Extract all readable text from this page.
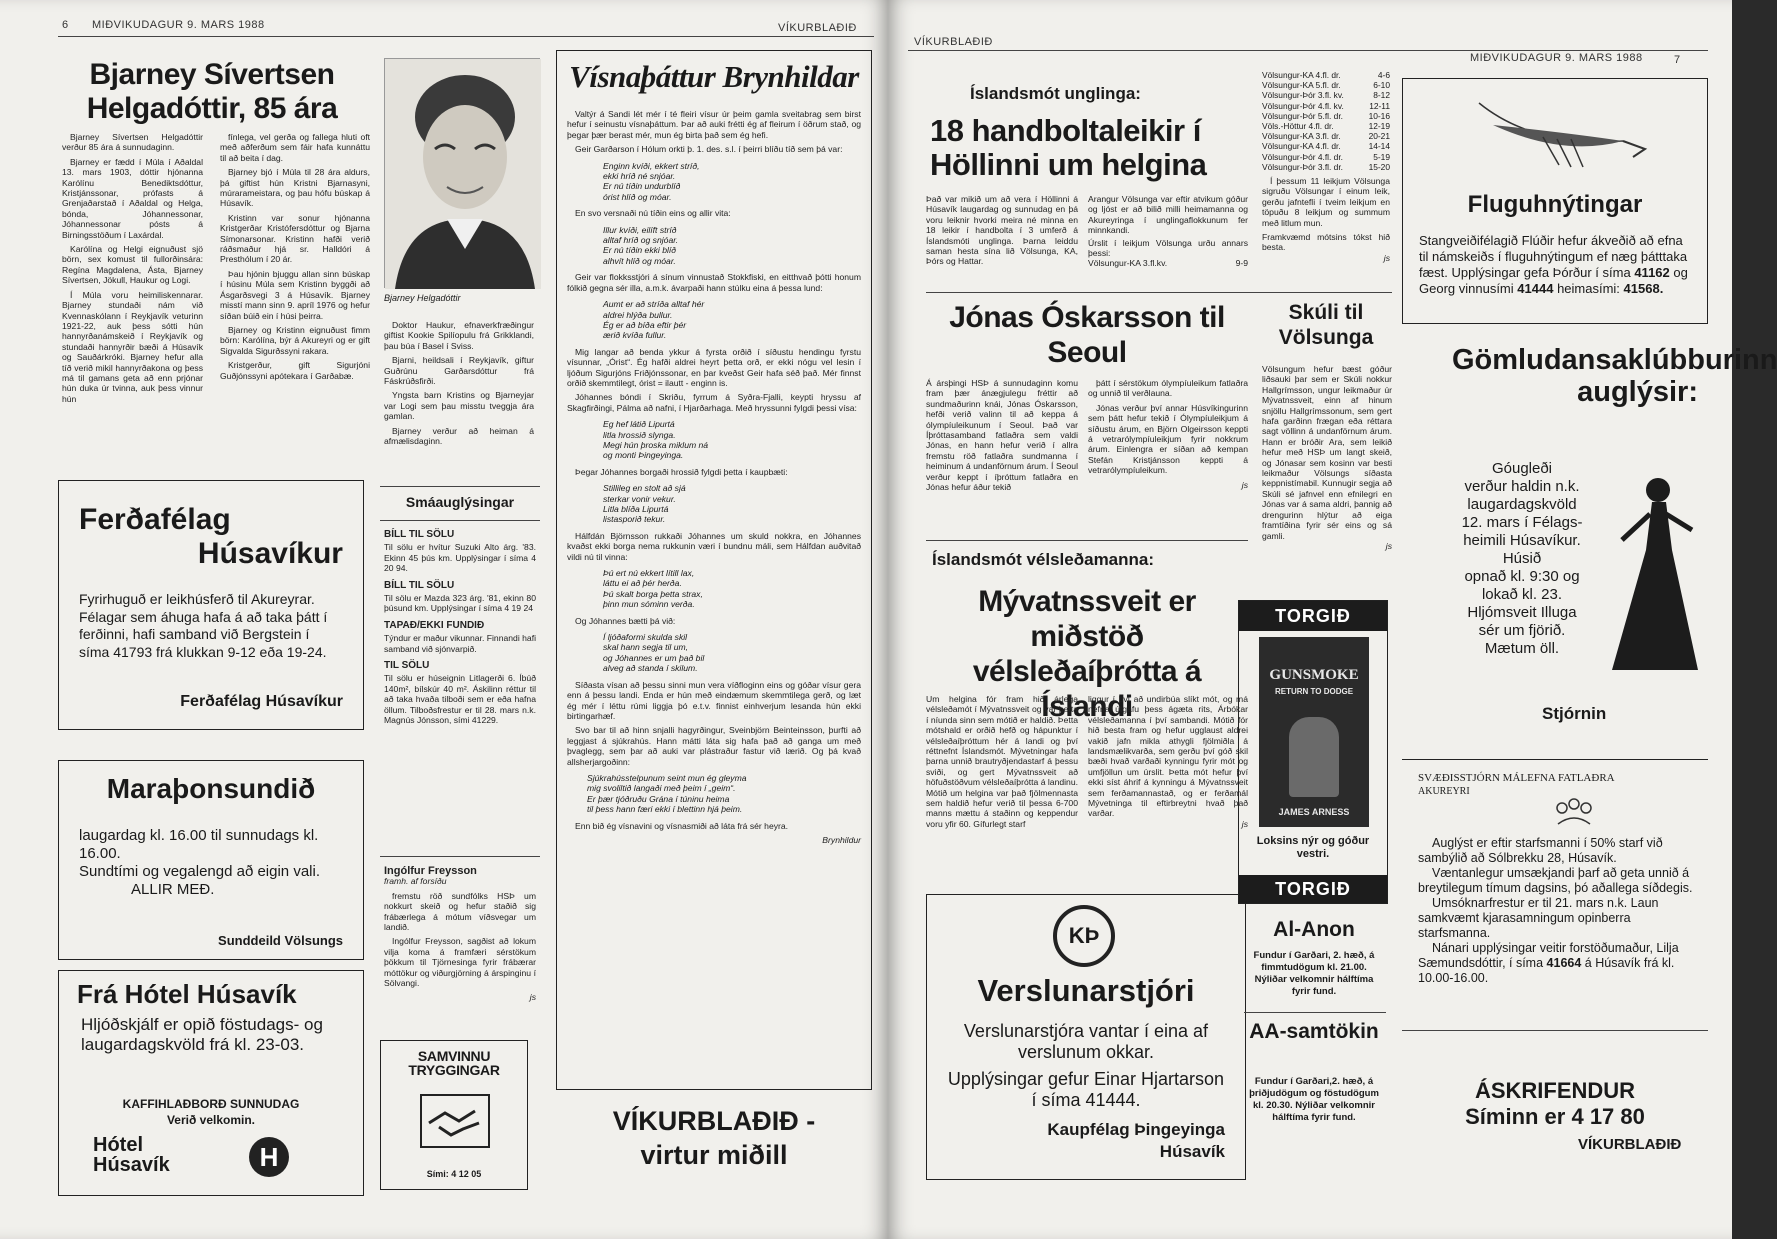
6 MIÐVIKUDAGUR 9. MARS 1988	VÍKURBLAÐIÐ
Bjarney Sívertsen Helgadóttir, 85 ára

Bjarney Sívertsen Helgadóttir verður 85 ára á sunnudaginn.

Bjarney er fædd í Múla í Aðaldal 13. mars 1903, dóttir hjónanna Karólínu Benediktsdóttur, Kristjánssonar, prófasts á Grenjaðarstað í Aðaldal og Helga, bónda, Jóhannessonar, Jóhannessonar pósts á Birningsstöðum í Laxárdal.

Karólína og Helgi eignuðust sjö börn, sex komust til fullorðinsára: Regína Magdalena, Ásta, Bjarney Sívertsen, Jökull, Haukur og Logi.

Í Múla voru heimiliskennarar. Bjarney stundaði nám við Kvennaskólann í Reykjavík veturinn 1921-22, auk þess sótti hún hannyrðanámskeið í Reykjavík og stundaði hannyrðir bæði á Húsavík og Sauðárkróki. Bjarney hefur alla tíð verið mikil hannyrðakona og þess má til gamans geta að enn prjónar hún duka úr tvinna, auk þess vinnur hún

fínlega, vel gerða og fallega hluti oft með aðferðum sem fáir hafa kunnáttu til að beita í dag.

Bjarney bjó í Múla til 28 ára aldurs, þá giftist hún Kristni Bjarnasyni, múrarameistara, og þau hófu búskap á Húsavík.

Kristinn var sonur hjónanna Kristgerðar Kristófersdóttur og Bjarna Símonarsonar. Kristinn hafði verið ráðsmaður hjá sr. Halldóri á Presthólum í 20 ár.

Þau hjónin bjuggu allan sinn búskap í húsinu Múla sem Kristinn byggði að Ásgarðsvegi 3 á Húsavík. Bjarney misstí mann sinn 9. apríl 1976 og hefur síðan búið ein í húsi þeirra.

Bjarney og Kristinn eignuðust fimm börn: Karólína, býr á Akureyri og er gift Sigvalda Sigurðssyni rakara.

Kristgerður, gift Sigurjóni Guðjónssyni apótekara í Garðabæ.

Bjarney Helgadóttir

Doktor Haukur, efnaverkfræðingur giftist Kookie Spilíopulu frá Grikklandi, þau búa í Basel í Sviss.

Bjarni, heildsali í Reykjavík, giftur Guðrúnu Garðarsdóttur frá Fáskrúðsfirði.

Yngsta barn Kristins og Bjarneyjar var Logi sem þau misstu tveggja ára gamlan.

Bjarney verður að heiman á afmælisdaginn.

Smáauglýsingar
BÍLL TIL SÖLU

Til sölu er hvítur Suzuki Alto árg. '83. Ekinn 45 þús km. Upplýsingar í síma 4 20 94.

BÍLL TIL SÖLU

Til sölu er Mazda 323 árg. '81, ekinn 80 þúsund km. Upplýsingar í síma 4 19 24

TAPAÐ/EKKI FUNDIÐ

Týndur er maður vikunnar. Finnandi hafi samband við sjónvarpið.

TIL SÖLU

Til sölu er húseignin Litlagerði 6. Íbúð 140m², bílskúr 40 m². Áskilinn réttur til að taka hvaða tilboði sem er eða hafna öllum. Tilboðsfrestur er til 28. mars n.k. Magnús Jónsson, sími 41229.

Ingólfur Freysson

framh. af forsíðu

fremstu röð sundfólks HSÞ um nokkurt skeið og hefur staðið sig frábærlega á mótum víðsvegar um landið.

Ingólfur Freysson, sagðist að lokum vilja koma á framfæri sérstökum þökkum til Tjörnesinga fyrir frábærar móttökur og viðurgjörning á árspinginu í Sölvangi.

js

SAMVINNU TRYGGINGAR
Sími: 4 12 05
Ferðafélag
Húsavíkur
Fyrirhuguð er leikhúsferð til Akureyrar. Félagar sem áhuga hafa á að taka þátt í ferðinni, hafi samband við Bergstein í síma 41793 frá klukkan 9-12 eða 19-24.
Ferðafélag Húsavíkur
Maraþonsundið

laugardag kl. 16.00 til sunnudags kl. 16.00.

Sundtími og vegalengd að eigin vali.

ALLIR MEÐ.

Sunddeild Völsungs
Frá Hótel Húsavík
Hljóðskjálf er opið föstudags- og laugardagskvöld frá kl. 23-03.
KAFFIHLAÐBORÐ SUNNUDAG
Verið velkomin.
Hótel
Húsavík	H
Vísnaþáttur Brynhildar

Valtýr á Sandi lét mér í té fleiri vísur úr þeim gamla sveitabrag sem birst hefur í seinustu vísnaþáttum. Þar að auki frétti ég af fleirum í öðrum stað, og þegar þær berast mér, mun ég birta það sem ég hefi.

Geir Garðarson í Hólum orkti þ. 1. des. s.l. í þeirri blíðu tíð sem þá var:

Enginn kvíði, ekkert stríð,
ekki hríð né snjóar.
Er nú tíðin undurblíð
órist hlíð og móar.

En svo versnaði nú tíðin eins og allir vita:

Illur kvíði, eilíft stríð
alltaf hríð og snjóar.
Er nú tíðin ekki blíð
alhvít hlíð og móar.

Geir var flokksstjóri á sínum vinnustað Stokkfiski, en eitthvað þótti honum fólkið gegna sér illa, a.m.k. ávarpaði hann stúlku eina á þessa lund:

Aumt er að stríða alltaf hér
aldrei hlýða bullur.
Ég er að bíða eftir þér
ærið kvíða fullur.

Mig langar að benda ykkur á fyrsta orðið í síðustu hendingu fyrstu vísunnar, „Órist“. Ég hafði aldrei heyrt þetta orð, er ekki nógu vel lesin í ljóðum Sigurjóns Friðjónssonar, en þar kveðst Geir hafa séð það. Mér finnst orðið skemmtilegt, órist = ilautt - enginn is.

Jóhannes bóndi í Skriðu, fyrrum á Syðra-Fjalli, keypti hryssu af Skagfirðingi, Pálma að nafni, í Hjarðarhaga. Með hryssunni fylgdi þessi vísa:

Eg hef látið Lipurtá
litla hrossið slynga.
Megi hún þroska miklum ná
og monti Þingeyinga.

Þegar Jóhannes borgaði hrossið fylgdi þetta í kaupbæti:

Stillileg en stolt að sjá
sterkar vonir vekur.
Litla blíða Lipurtá
listasporið tekur.

Hálfdán Björnsson rukkaði Jóhannes um skuld nokkra, en Jóhannes kvaðst ekki borga nema rukkunin væri í bundnu máli, sem Hálfdan auðvitað vildi nú til vinna:

Þú ert nú ekkert lítill lax,
láttu ei að þér herða.
Þú skalt borga þetta strax,
þinn mun sóminn verða.

Og Jóhannes bætti þá við:

Í ljóðaformi skulda skil
skal hann segja til um,
og Jóhannes er um það bil
alveg að standa í skilum.

Síðasta vísan að þessu sinni mun vera víðfloginn eins og góðar vísur gera enn á þessu landi. Enda er hún með eindæmum skemmtilega gerð, og læt ég mér í léttu rúmi liggja þó e.t.v. finnist einhverjum lesanda hún ekki birtingarhæf.

Svo bar til að hinn snjalli hagyrðingur, Sveinbjörn Beinteinsson, þurfti að leggjast á sjúkrahús. Hann mátti láta sig hafa það að ganga um með þvaglegg, sem þar að auki var plástraður fastur við lærið. Og þá kvað allsherjargoðinn:

Sjúkrahússtelpunum seint mun ég gleyma
mig svoliltið langaði með þeim í „geim“.
Er þær tjóðruðu Grána í túninu heima
til þess hann færi ekki í blettinn hjá þeim.

Enn bið ég vísnavini og vísnasmiði að láta frá sér heyra.

Brynhildur

VÍKURBLAÐIÐ -
virtur miðill
VÍKURBLAÐIÐ
MIÐVIKUDAGUR 9. MARS 1988	7
Íslandsmót unglinga:
18 handboltaleikir í Höllinni um helgina
Það var mikið um að vera í Höllinni á Húsavík laugardag og sunnudag en þá voru leiknir hvorki meira né minna en 18 leikir í handbolta í 3 umferð á Íslandsmóti unglinga. Þarna leiddu saman hesta sína lið Völsunga, KA, Þórs og Hattar.

Arangur Völsunga var eftir atvikum góður og ljóst er að bilið milli heimamanna og Akureyringa í unglingaflokkunum fer minnkandi.

Úrslit í leikjum Völsunga urðu annars þessi:

Völsungur-KA 3.fl.kv.	9-9
Völsungur-KA 4.fl. dr.	4-6
Völsungur-KA 5.fl. dr.	6-10
Völsungur-Þór 3.fl. kv.	8-12
Völsungur-Þór 4.fl. kv.	12-11
Völsungur-Þór 5.fl. dr.	10-16
Völs.-Höttur 4.fl. dr.	12-19
Völsungur-KA 3.fl. dr.	20-21
Völsungur-KA 4.fl. dr.	14-14
Völsungur-Þór 4.fl. dr.	5-19
Völsungur-Þór 3.fl. dr.	15-20

Í þessum 11 leikjum Völsunga sigruðu Völsungar í einum leik, gerðu jafntefli í tveim leikjum en töpuðu 8 leikjum og summum með litlum mun.

Framkvæmd mótsins tókst hið besta.

js

Jónas Óskarsson til Seoul
Á ársþingi HSÞ á sunnudaginn komu fram þær ánægjulegu fréttir að sundmaðurinn knái, Jónas Óskarsson, hefði verið valinn til að keppa á ólympíuleikunum í Seoul. Það var Íþróttasamband fatlaðra sem valdi Jónas, en hann hefur verið í allra fremstu röð fatlaðra sundmanna í heiminum á undanförnum árum. Í Seoul verður keppt í íþróttum fatlaðra en Jónas hefur áður tekið

þátt í sérstökum ólympíuleikum fatlaðra og unnið til verðlauna.

Jónas verður því annar Húsvíkingurinn sem þátt hefur tekið í Ólympíuleikjum á síðustu árum, en Björn Olgeirsson keppti á vetrarólympíuleikjum fyrir nokkrum árum. Einlengra er síðan að kempan Stefán Kristjánsson keppti á vetrarólympíuleikum.

js

Skúli til Völsunga

Völsungum hefur bæst góður liðsauki þar sem er Skúli nokkur Hallgrímsson, ungur leikmaður úr Mývatnssveit, einn af hinum snjöllu Hallgrímssonum, sem gert hafa garðinn frægan eða réttara sagt völlinn á undanförnum árum. Hann er bróðir Ara, sem leikið hefur með HSÞ um langt skeið, og Jónasar sem kosinn var besti leikmaður Völsungs síðasta keppnistímabil. Kunnugir segja að Skúli sé jafnvel enn efnilegri en Jónas var á sama aldri, þannig að drengurinn hlýtur að eiga framtíðina fyrir sér eins og sá gamli.

js

Íslandsmót vélsleðamanna:
Mývatnssveit er miðstöð vélsleðaíþrótta á Íslandi
Um helgina fór fram hið árlega vélsleðamót í Mývatnssveit og var þetta í níunda sinn sem mótið er haldið. Þetta mótshald er orðið hefð og hápunktur í vélsleðaíþróttum hér á landi og því réttnefnt Íslandsmót. Mývetningar hafa þarna unnið brautryðjendastarf á þessu sviði, og gert Mývatnssveit að höfuðstöðvum vélsleðaíþrótta á landinu. Mótið um helgina var það fjölmennasta sem haldið hefur verið til þessa 6-700 manns mættu á staðinn og keppendur voru yfir 60. Gífurlegt starf

liggur í því að undirbúa slíkt mót, og má nefna útgáfu þess ágæta rits, Árbókar vélsleðamanna í því sambandi. Mótið fór hið besta fram og hefur ugglaust aldrei vakið jafn mikla athygli fjölmiðla á landsmælikvarða, sem gerðu því góð skil bæði hvað varðaði kynningu fyrir mót og umfjöllun um úrslit. Þetta mót hefur því ekki síst áhrif á kynningu á Mývatnssveit sem ferðamannastað, og er ferðamál Mývetninga til eftirbreytni hvað það varðar.

js

KÞ
Verslunarstjóri
Verslunarstjóra vantar í eina af verslunum okkar.
Upplýsingar gefur Einar Hjartarson í síma 41444.
Kaupfélag Þingeyinga
Húsavík
TORGIÐ
GUNSMOKE
RETURN TO DODGE
JAMES ARNESS
Loksins nýr og góður vestri.
TORGIÐ
Al-Anon
Fundur í Garðari, 2. hæð, á fimmtudögum kl. 21.00. Nýliðar velkomnir hálftíma fyrir fund.
AA-samtökin
Fundur í Garðari,2. hæð, á þriðjudögum og föstudögum kl. 20.30. Nýliðar velkomnir hálftíma fyrir fund.
Fluguhnýtingar
Stangveiðifélagið Flúðir hefur ákveðið að efna til námskeiðs í fluguhnýtingum ef næg þátttaka fæst. Upplýsingar gefa Þórður í síma 41162 og Georg vinnusími 41444 heimasími: 41568.
Gömludansaklúbburinn auglýsir:
Góugleði
verður haldin n.k.
laugardagskvöld
12. mars í Félags-
heimili Húsavíkur.
Húsið
opnað kl. 9:30 og
lokað kl. 23.
Hljómsveit Illuga
sér um fjörið.
Mætum öll.
Stjórnin
SVÆÐISSTJÓRN MÁLEFNA FATLAÐRA
AKUREYRI

Auglýst er eftir starfsmanni í 50% starf við sambýlið að Sólbrekku 28, Húsavík.

Væntanlegur umsækjandi þarf að geta unnið á breytilegum tímum dagsins, þó aðallega síðdegis.

Umsóknarfrestur er til 21. mars n.k. Laun samkvæmt kjarasamningum opinberra starfsmanna.

Nánari upplýsingar veitir forstöðumaður, Lilja Sæmundsdóttir, í síma 41664 á Húsavík frá kl. 10.00-16.00.

ÁSKRIFENDUR
Síminn er 4 17 80
VÍKURBLAÐIÐ
